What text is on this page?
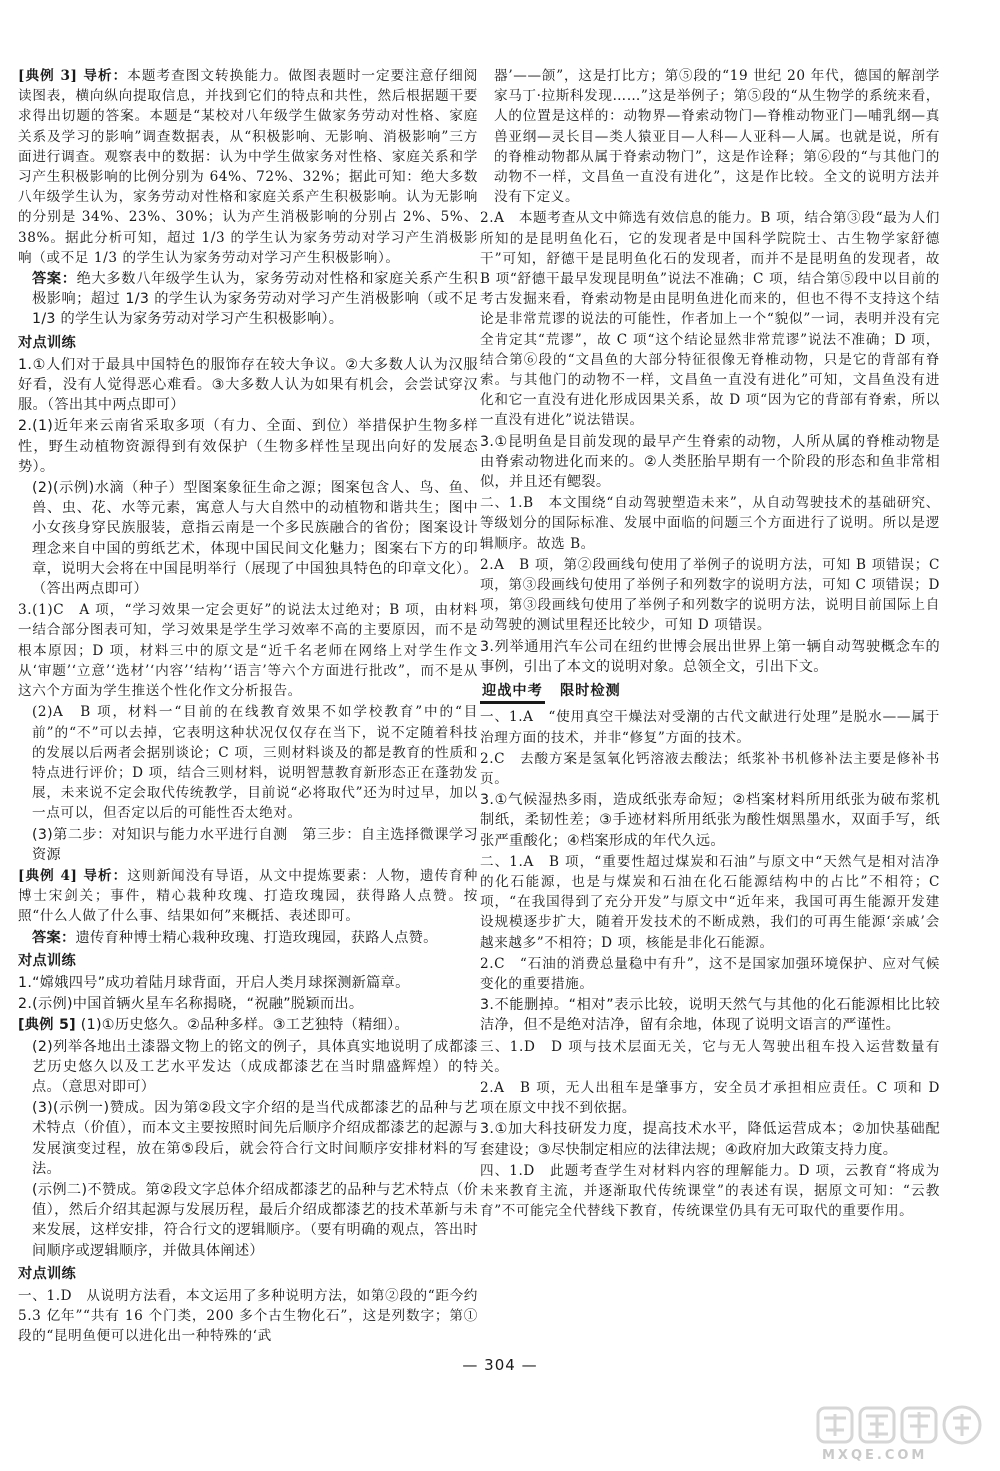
[典例 3] 导析：本题考查图文转换能力。做图表题时一定要注意仔细阅读图表，横向纵向提取信息，并找到它们的特点和共性，然后根据题干要求得出切题的答案。本题是“某校对八年级学生做家务劳动对性格、家庭关系及学习的影响”调查数据表，从“积极影响、无影响、消极影响”三方面进行调查。观察表中的数据：认为中学生做家务对性格、家庭关系和学习产生积极影响的比例分别为 64%、72%、32%；据此可知：绝大多数八年级学生认为，家务劳动对性格和家庭关系产生积极影响。认为无影响的分别是 34%、23%、30%；认为产生消极影响的分别占 2%、5%、38%。据此分析可知，超过 1/3 的学生认为家务劳动对学习产生消极影响（或不足 1/3 的学生认为家务劳动对学习产生积极影响）。

答案：绝大多数八年级学生认为，家务劳动对性格和家庭关系产生积极影响；超过 1/3 的学生认为家务劳动对学习产生消极影响（或不足 1/3 的学生认为家务劳动对学习产生积极影响）。

对点训练

1.①人们对于最具中国特色的服饰存在较大争议。②大多数人认为汉服好看，没有人觉得恶心难看。③大多数人认为如果有机会，会尝试穿汉服。（答出其中两点即可）

2.(1)近年来云南省采取多项（有力、全面、到位）举措保护生物多样性，野生动植物资源得到有效保护（生物多样性呈现出向好的发展态势）。

(2)(示例)水滴（种子）型图案象征生命之源；图案包含人、鸟、鱼、兽、虫、花、水等元素，寓意人与大自然中的动植物和谐共生；图中小女孩身穿民族服装，意指云南是一个多民族融合的省份；图案设计理念来自中国的剪纸艺术，体现中国民间文化魅力；图案右下方的印章，说明大会将在中国昆明举行（展现了中国独具特色的印章文化）。（答出两点即可）

3.(1)C　A 项，“学习效果一定会更好”的说法太过绝对；B 项，由材料一结合部分图表可知，学习效果是学生学习效率不高的主要原因，而不是根本原因；D 项，材料三中的原文是“近千名老师在网络上对学生作文从‘审题’‘立意’‘选材’‘内容’‘结构’‘语言’等六个方面进行批改”，而不是从这六个方面为学生推送个性化作文分析报告。

(2)A　B 项，材料一“目前的在线教育效果不如学校教育”中的“目前”的“不”可以去掉，它表明这种状况仅仅存在当下，说不定随着科技的发展以后两者会据别谈论；C 项，三则材料谈及的都是教育的性质和特点进行评价；D 项，结合三则材料，说明智慧教育新形态正在蓬勃发展，未来说不定会取代传统教学，目前说“必将取代”还为时过早，加以一点可以，但否定以后的可能性否太绝对。

(3)第二步：对知识与能力水平进行自测　第三步：自主选择微课学习资源

[典例 4] 导析：这则新闻没有导语，从文中提炼要素：人物，遗传育种博士宋剑关；事件，精心栽种玫瑰、打造玫瑰园，获得路人点赞。按照“什么人做了什么事、结果如何”来概括、表述即可。

答案：遗传育种博士精心栽种玫瑰、打造玫瑰园，获路人点赞。

对点训练

1.“嫦娥四号”成功着陆月球背面，开启人类月球探测新篇章。

2.(示例)中国首辆火星车名称揭晓，“祝融”脱颖而出。

[典例 5] (1)①历史悠久。②品种多样。③工艺独特（精细）。

(2)列举各地出土漆器文物上的铭文的例子，具体真实地说明了成都漆艺历史悠久以及工艺水平发达（成成都漆艺在当时鼎盛辉煌）的特点。（意思对即可）

(3)(示例一)赞成。因为第②段文字介绍的是当代成都漆艺的品种与艺术特点（价值），而本文主要按照时间先后顺序介绍成都漆艺的起源与发展演变过程，放在第⑤段后，就会符合行文时间顺序安排材料的写法。

(示例二)不赞成。第②段文字总体介绍成都漆艺的品种与艺术特点（价值），然后介绍其起源与发展历程，最后介绍成都漆艺的技术革新与未来发展，这样安排，符合行文的逻辑顺序。（要有明确的观点，答出时间顺序或逻辑顺序，并做具体阐述）

对点训练

一、1.D　从说明方法看，本文运用了多种说明方法，如第②段的“距今约 5.3 亿年”“共有 16 个门类，200 多个古生物化石”，这是列数字；第①段的“昆明鱼便可以进化出一种特殊的‘武

器’——颌”，这是打比方；第⑤段的“19 世纪 20 年代，德国的解剖学家马丁·拉斯科发现……”这是举例子；第⑤段的“从生物学的系统来看，人的位置是这样的：动物界—脊索动物门—脊椎动物亚门—哺乳纲—真兽亚纲—灵长目—类人猿亚目—人科—人亚科—人属。也就是说，所有的脊椎动物都从属于脊索动物门”，这是作诠释；第⑥段的“与其他门的动物不一样，文昌鱼一直没有进化”，这是作比较。全文的说明方法并没有下定义。

2.A　本题考查从文中筛选有效信息的能力。B 项，结合第③段“最为人们所知的是昆明鱼化石，它的发现者是中国科学院院士、古生物学家舒德干”可知，舒德干是昆明鱼化石的发现者，而并不是昆明鱼的发现者，故 B 项“舒德干最早发现昆明鱼”说法不准确；C 项，结合第⑤段中以目前的考古发掘来看，脊索动物是由昆明鱼进化而来的，但也不得不支持这个结论是非常荒谬的说法的可能性，作者加上一个“貌似”一词，表明并没有完全肯定其“荒谬”，故 C 项“这个结论显然非常荒谬”说法不准确；D 项，结合第⑥段的“文昌鱼的大部分特征很像无脊椎动物，只是它的背部有脊索。与其他门的动物不一样，文昌鱼一直没有进化”可知，文昌鱼没有进化和它一直没有进化形成因果关系，故 D 项“因为它的背部有脊索，所以一直没有进化”说法错误。

3.①昆明鱼是目前发现的最早产生脊索的动物，人所从属的脊椎动物是由脊索动物进化而来的。②人类胚胎早期有一个阶段的形态和鱼非常相似，并且还有鳃裂。

二、1.B　本文围绕“自动驾驶塑造未来”，从自动驾驶技术的基础研究、等级划分的国际标准、发展中面临的问题三个方面进行了说明。所以是逻辑顺序。故选 B。

2.A　B 项，第②段画线句使用了举例子的说明方法，可知 B 项错误；C 项，第③段画线句使用了举例子和列数字的说明方法，可知 C 项错误；D 项，第③段画线句使用了举例子和列数字的说明方法，说明目前国际上自动驾驶的测试里程还比较少，可知 D 项错误。

3.列举通用汽车公司在纽约世博会展出世界上第一辆自动驾驶概念车的事例，引出了本文的说明对象。总领全文，引出下文。

迎战中考　 限时检测

一、1.A　“使用真空干燥法对受潮的古代文献进行处理”是脱水——属于治理方面的技术，并非“修复”方面的技术。

2.C　去酸方案是氢氧化钙溶液去酸法；纸浆补书机修补法主要是修补书页。

3.①气候湿热多雨，造成纸张寿命短；②档案材料所用纸张为破布浆机制纸，柔韧性差；③手迹材料所用纸张为酸性烟黑墨水，双面手写，纸张严重酸化；④档案形成的年代久远。

二、1.A　B 项，“重要性超过煤炭和石油”与原文中“天然气是相对洁净的化石能源，也是与煤炭和石油在化石能源结构中的占比”不相符；C 项，“在我国得到了充分开发”与原文中“近年来，我国可再生能源开发建设规模逐步扩大，随着开发技术的不断成熟，我们的可再生能源‘亲戚’会越来越多”不相符；D 项，核能是非化石能源。

2.C　“石油的消费总量稳中有升”，这不是国家加强环境保护、应对气候变化的重要措施。

3.不能删掉。“相对”表示比较，说明天然气与其他的化石能源相比比较洁净，但不是绝对洁净，留有余地，体现了说明文语言的严谨性。

三、1.D　D 项与技术层面无关，它与无人驾驶出租车投入运营数量有关。

2.A　B 项，无人出租车是肇事方，安全员才承担相应责任。C 项和 D 项在原文中找不到依据。

3.①加大科技研发力度，提高技术水平，降低运营成本；②加快基础配套建设；③尽快制定相应的法律法规；④政府加大政策支持力度。

四、1.D　此题考查学生对材料内容的理解能力。D 项，云教育“将成为未来教育主流，并逐渐取代传统课堂”的表述有误，据原文可知：“云教育”不可能完全代替线下教育，传统课堂仍具有无可取代的重要作用。

— 304 —
MXQE.COM
